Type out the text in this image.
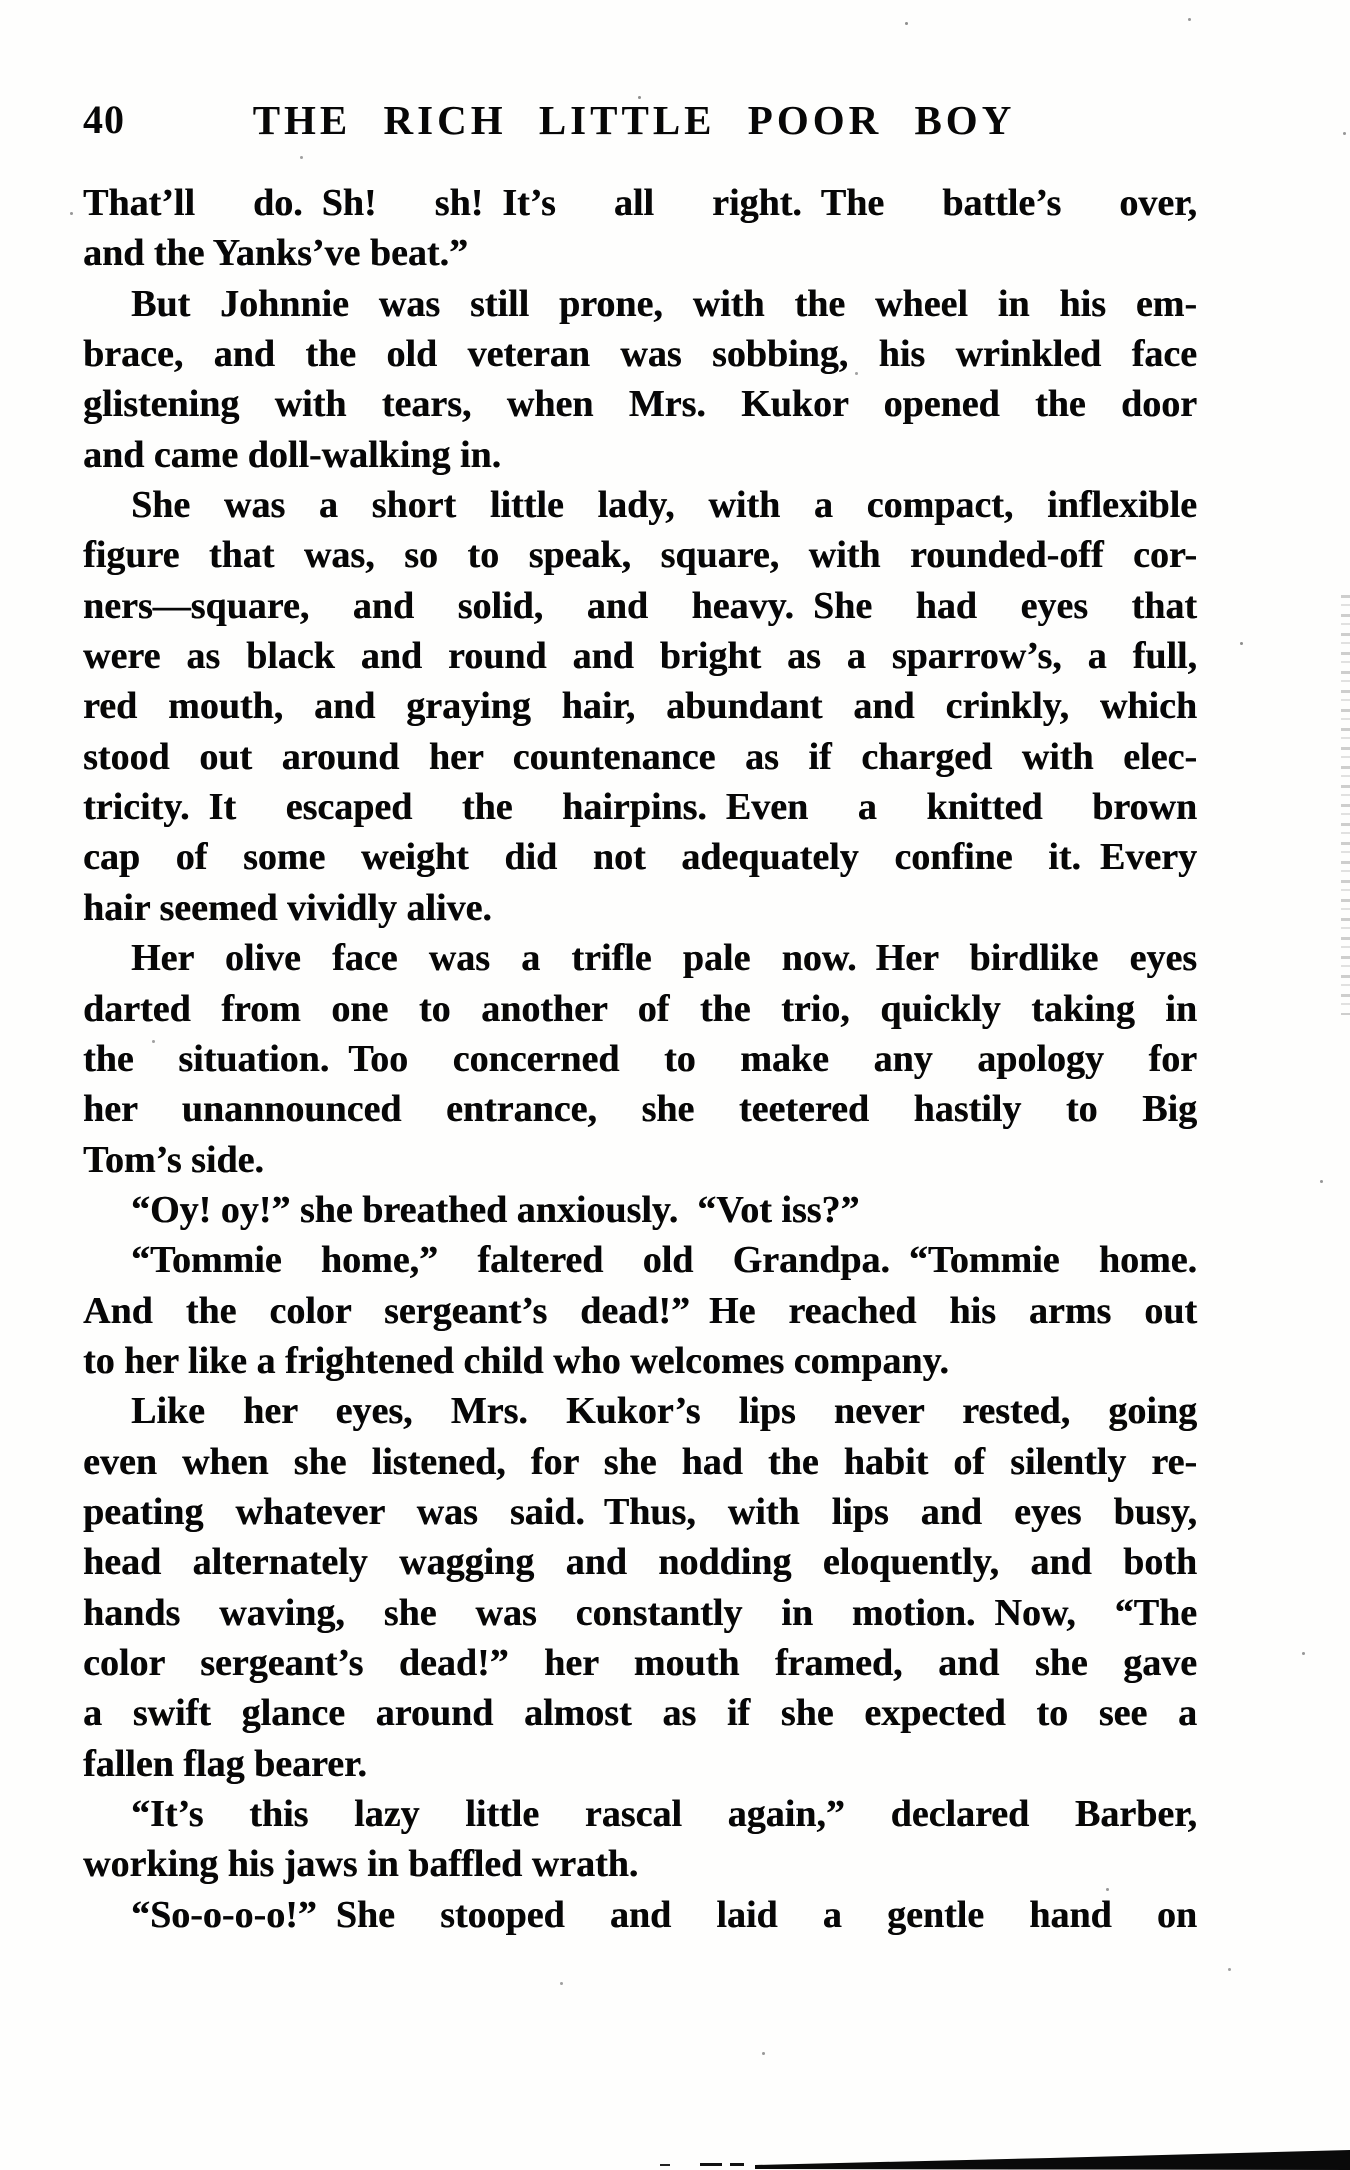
40	THE RICH LITTLE POOR BOY
That’ll do. Sh! sh! It’s all right. The battle’s over,
and the Yanks’ve beat.”
But Johnnie was still prone, with the wheel in his em-
brace, and the old veteran was sobbing, his wrinkled face
glistening with tears, when Mrs. Kukor opened the door
and came doll-walking in.
She was a short little lady, with a compact, inflexible
figure that was, so to speak, square, with rounded-off cor-
ners—square, and solid, and heavy. She had eyes that
were as black and round and bright as a sparrow’s, a full,
red mouth, and graying hair, abundant and crinkly, which
stood out around her countenance as if charged with elec-
tricity. It escaped the hairpins. Even a knitted brown
cap of some weight did not adequately confine it. Every
hair seemed vividly alive.
Her olive face was a trifle pale now. Her birdlike eyes
darted from one to another of the trio, quickly taking in
the situation. Too concerned to make any apology for
her unannounced entrance, she teetered hastily to Big
Tom’s side.
“Oy! oy!” she breathed anxiously. “Vot iss?”
“Tommie home,” faltered old Grandpa. “Tommie home.
And the color sergeant’s dead!” He reached his arms out
to her like a frightened child who welcomes company.
Like her eyes, Mrs. Kukor’s lips never rested, going
even when she listened, for she had the habit of silently re-
peating whatever was said. Thus, with lips and eyes busy,
head alternately wagging and nodding eloquently, and both
hands waving, she was constantly in motion. Now, “The
color sergeant’s dead!” her mouth framed, and she gave
a swift glance around almost as if she expected to see a
fallen flag bearer.
“It’s this lazy little rascal again,” declared Barber,
working his jaws in baffled wrath.
“So-o-o-o!” She stooped and laid a gentle hand on
